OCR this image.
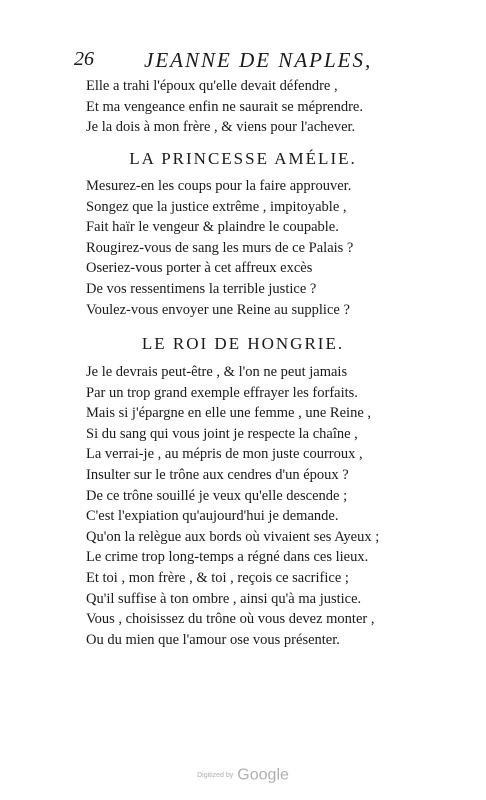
26 JEANNE DE NAPLES,
Elle a trahi l'époux qu'elle devait défendre ,
Et ma vengeance enfin ne saurait se méprendre.
Je la dois à mon frère , & viens pour l'achever.
LA PRINCESSE AMÉLIE.
Mesurez-en les coups pour la faire approuver.
Songez que la justice extrême , impitoyable ,
Fait haïr le vengeur & plaindre le coupable.
Rougirez-vous de sang les murs de ce Palais ?
Oseriez-vous porter à cet affreux excès
De vos ressentimens la terrible justice ?
Voulez-vous envoyer une Reine au supplice ?
LE ROI DE HONGRIE.
Je le devrais peut-être , & l'on ne peut jamais
Par un trop grand exemple effrayer les forfaits.
Mais si j'épargne en elle une femme , une Reine ,
Si du sang qui vous joint je respecte la chaîne ,
La verrai-je , au mépris de mon juste courroux ,
Insulter sur le trône aux cendres d'un époux ?
De ce trône souillé je veux qu'elle descende ;
C'est l'expiation qu'aujourd'hui je demande.
Qu'on la relègue aux bords où vivaient ses Ayeux ;
Le crime trop long-temps a régné dans ces lieux.
Et toi , mon frère , & toi , reçois ce sacrifice ;
Qu'il suffise à ton ombre , ainsi qu'à ma justice.
Vous , choisissez du trône où vous devez monter ,
Ou du mien que l'amour ose vous présenter.
Digitized by Google
